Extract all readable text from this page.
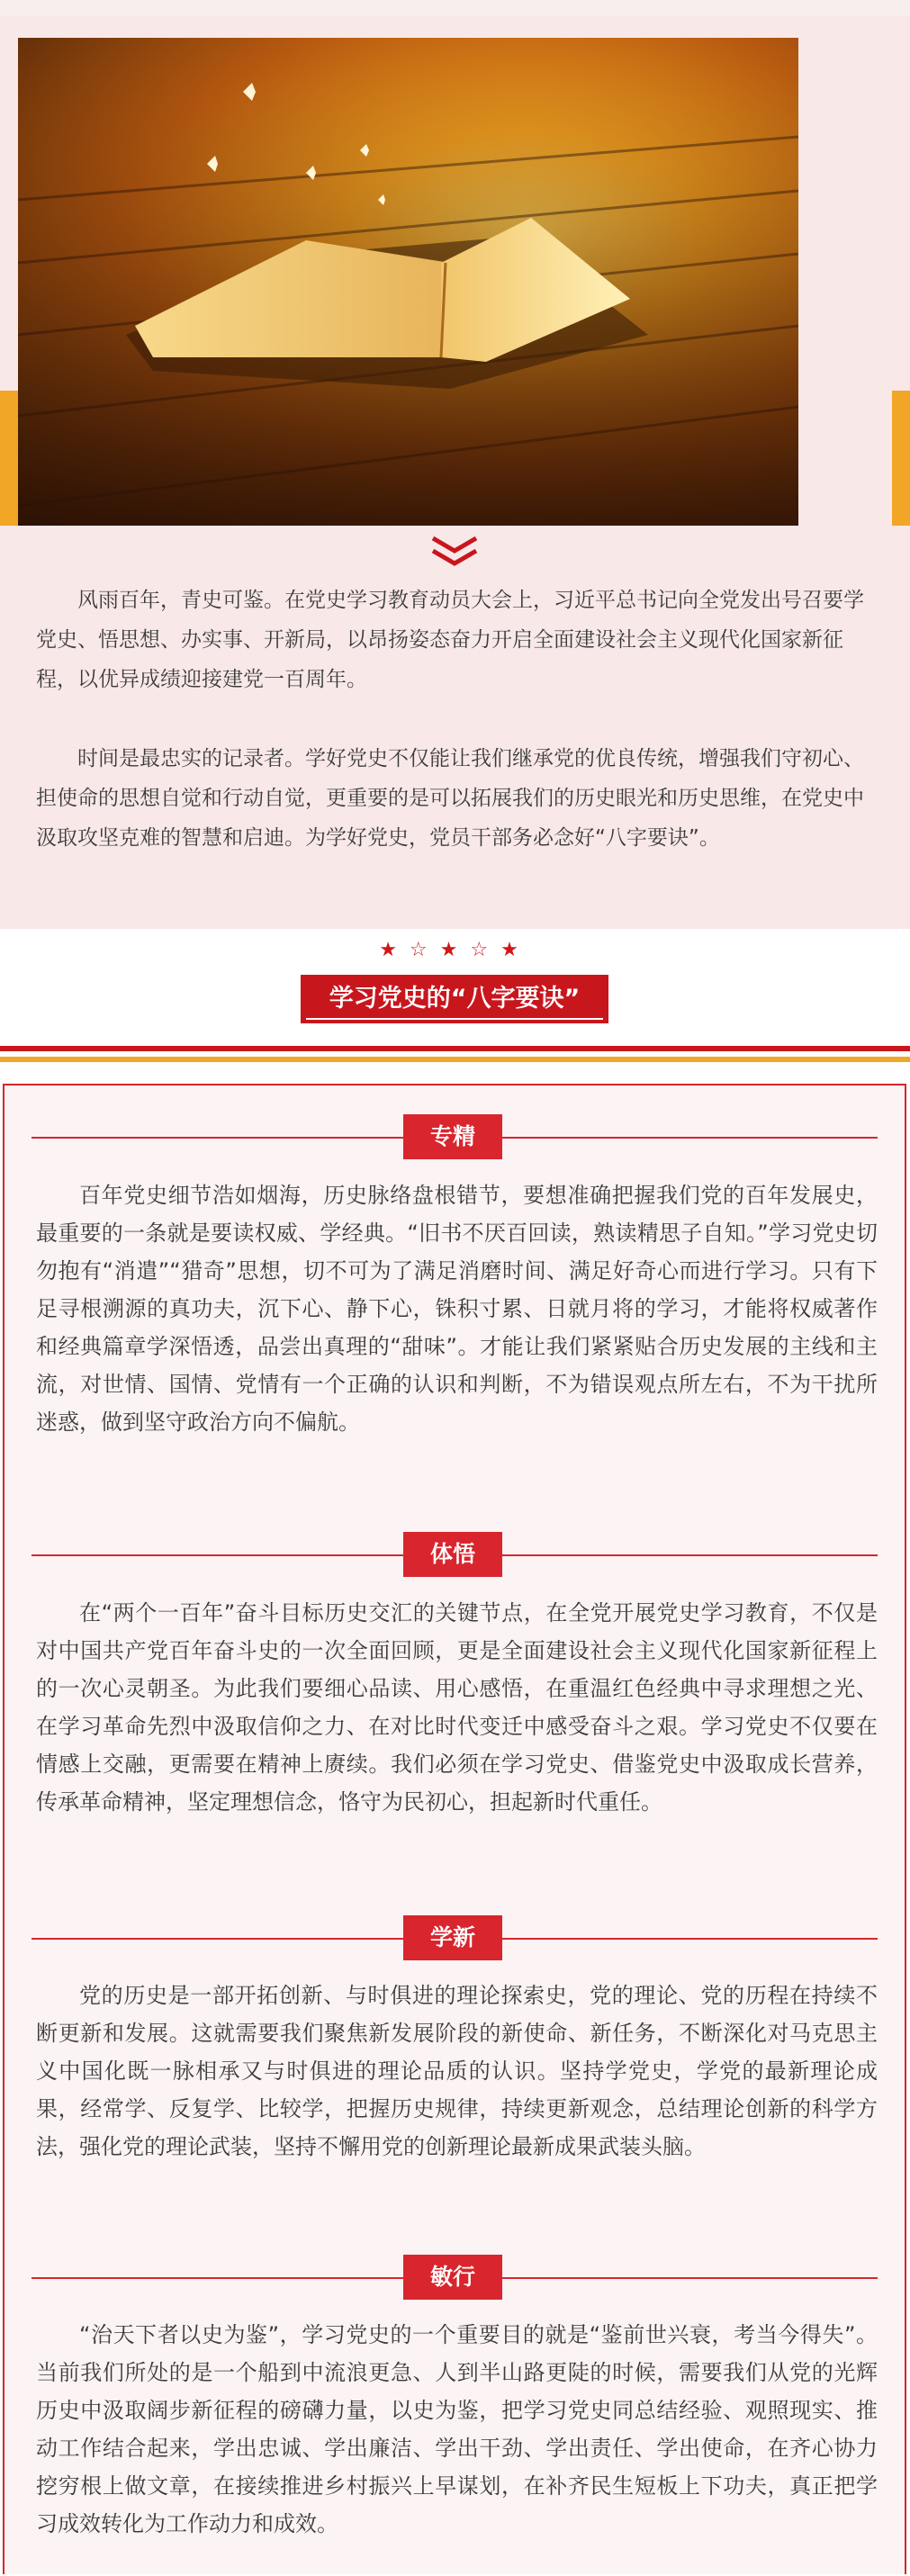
风雨百年，青史可鉴。在党史学习教育动员大会上，习近平总书记向全党发出号召要学党史、悟思想、办实事、开新局，以昂扬姿态奋力开启全面建设社会主义现代化国家新征程，以优异成绩迎接建党一百周年。

时间是最忠实的记录者。学好党史不仅能让我们继承党的优良传统，增强我们守初心、担使命的思想自觉和行动自觉，更重要的是可以拓展我们的历史眼光和历史思维，在党史中汲取攻坚克难的智慧和启迪。为学好党史，党员干部务必念好“八字要诀”。

★☆★☆★
学习党史的“八字要诀”
专精

百年党史细节浩如烟海，历史脉络盘根错节，要想准确把握我们党的百年发展史，最重要的一条就是要读权威、学经典。“旧书不厌百回读，熟读精思子自知。”学习党史切勿抱有“消遣”“猎奇”思想，切不可为了满足消磨时间、满足好奇心而进行学习。只有下足寻根溯源的真功夫，沉下心、静下心，铢积寸累、日就月将的学习，才能将权威著作和经典篇章学深悟透，品尝出真理的“甜味”。才能让我们紧紧贴合历史发展的主线和主流，对世情、国情、党情有一个正确的认识和判断，不为错误观点所左右，不为干扰所迷惑，做到坚守政治方向不偏航。

体悟

在“两个一百年”奋斗目标历史交汇的关键节点，在全党开展党史学习教育，不仅是对中国共产党百年奋斗史的一次全面回顾，更是全面建设社会主义现代化国家新征程上的一次心灵朝圣。为此我们要细心品读、用心感悟，在重温红色经典中寻求理想之光、在学习革命先烈中汲取信仰之力、在对比时代变迁中感受奋斗之艰。学习党史不仅要在情感上交融，更需要在精神上赓续。我们必须在学习党史、借鉴党史中汲取成长营养，传承革命精神，坚定理想信念，恪守为民初心，担起新时代重任。

学新

党的历史是一部开拓创新、与时俱进的理论探索史，党的理论、党的历程在持续不断更新和发展。这就需要我们聚焦新发展阶段的新使命、新任务，不断深化对马克思主义中国化既一脉相承又与时俱进的理论品质的认识。坚持学党史，学党的最新理论成果，经常学、反复学、比较学，把握历史规律，持续更新观念，总结理论创新的科学方法，强化党的理论武装，坚持不懈用党的创新理论最新成果武装头脑。

敏行

“治天下者以史为鉴”，学习党史的一个重要目的就是“鉴前世兴衰，考当今得失”。当前我们所处的是一个船到中流浪更急、人到半山路更陡的时候，需要我们从党的光辉历史中汲取阔步新征程的磅礴力量，以史为鉴，把学习党史同总结经验、观照现实、推动工作结合起来，学出忠诚、学出廉洁、学出干劲、学出责任、学出使命，在齐心协力挖穷根上做文章，在接续推进乡村振兴上早谋划，在补齐民生短板上下功夫，真正把学习成效转化为工作动力和成效。
